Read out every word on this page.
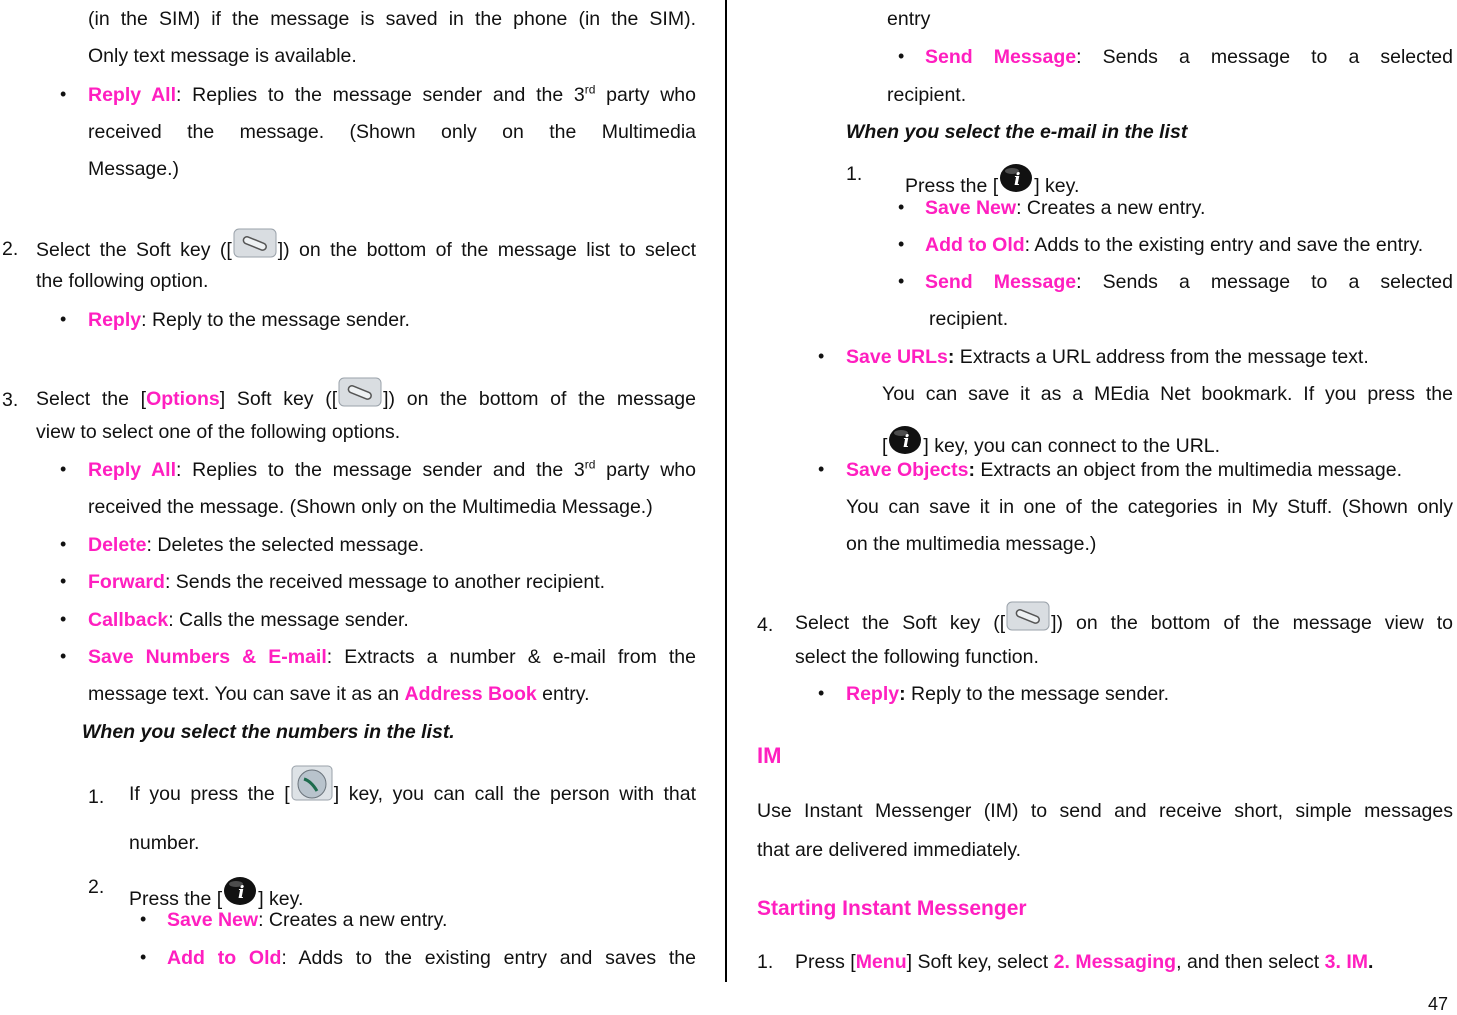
(in the SIM) if the message is saved in the phone (in the SIM).
Only text message is available.
• Reply All: Replies to the message sender and the 3rd party who
received the message. (Shown only on the Multimedia
Message.)
2. Select the Soft key ([ ]) on the bottom of the message list to select
the following option.
• Reply: Reply to the message sender.
3. Select the [Options] Soft key ([ ]) on the bottom of the message
view to select one of the following options.
• Reply All: Replies to the message sender and the 3rd party who
received the message. (Shown only on the Multimedia Message.)
• Delete: Deletes the selected message.
• Forward: Sends the received message to another recipient.
• Callback: Calls the message sender.
• Save Numbers & E-mail: Extracts a number & e-mail from the
message text. You can save it as an Address Book entry.
When you select the numbers in the list.
1. If you press the [ ] key, you can call the person with that
number.
2.
Press the [ ] key.
• Save New: Creates a new entry.
• Add to Old: Adds to the existing entry and saves the
entry
• Send Message: Sends a message to a selected
recipient.
When you select the e-mail in the list
1.
Press the [ ] key.
• Save New: Creates a new entry.
• Add to Old: Adds to the existing entry and save the entry.
• Send Message: Sends a message to a selected
recipient.
• Save URLs: Extracts a URL address from the message text.
You can save it as a MEdia Net bookmark. If you press the
[ ] key, you can connect to the URL.
• Save Objects: Extracts an object from the multimedia message.
You can save it in one of the categories in My Stuff. (Shown only
on the multimedia message.)
4. Select the Soft key ([ ]) on the bottom of the message view to
select the following function.
• Reply: Reply to the message sender.
IM
Use Instant Messenger (IM) to send and receive short, simple messages
that are delivered immediately.
Starting Instant Messenger
1. Press [Menu] Soft key, select 2. Messaging, and then select 3. IM.
47
